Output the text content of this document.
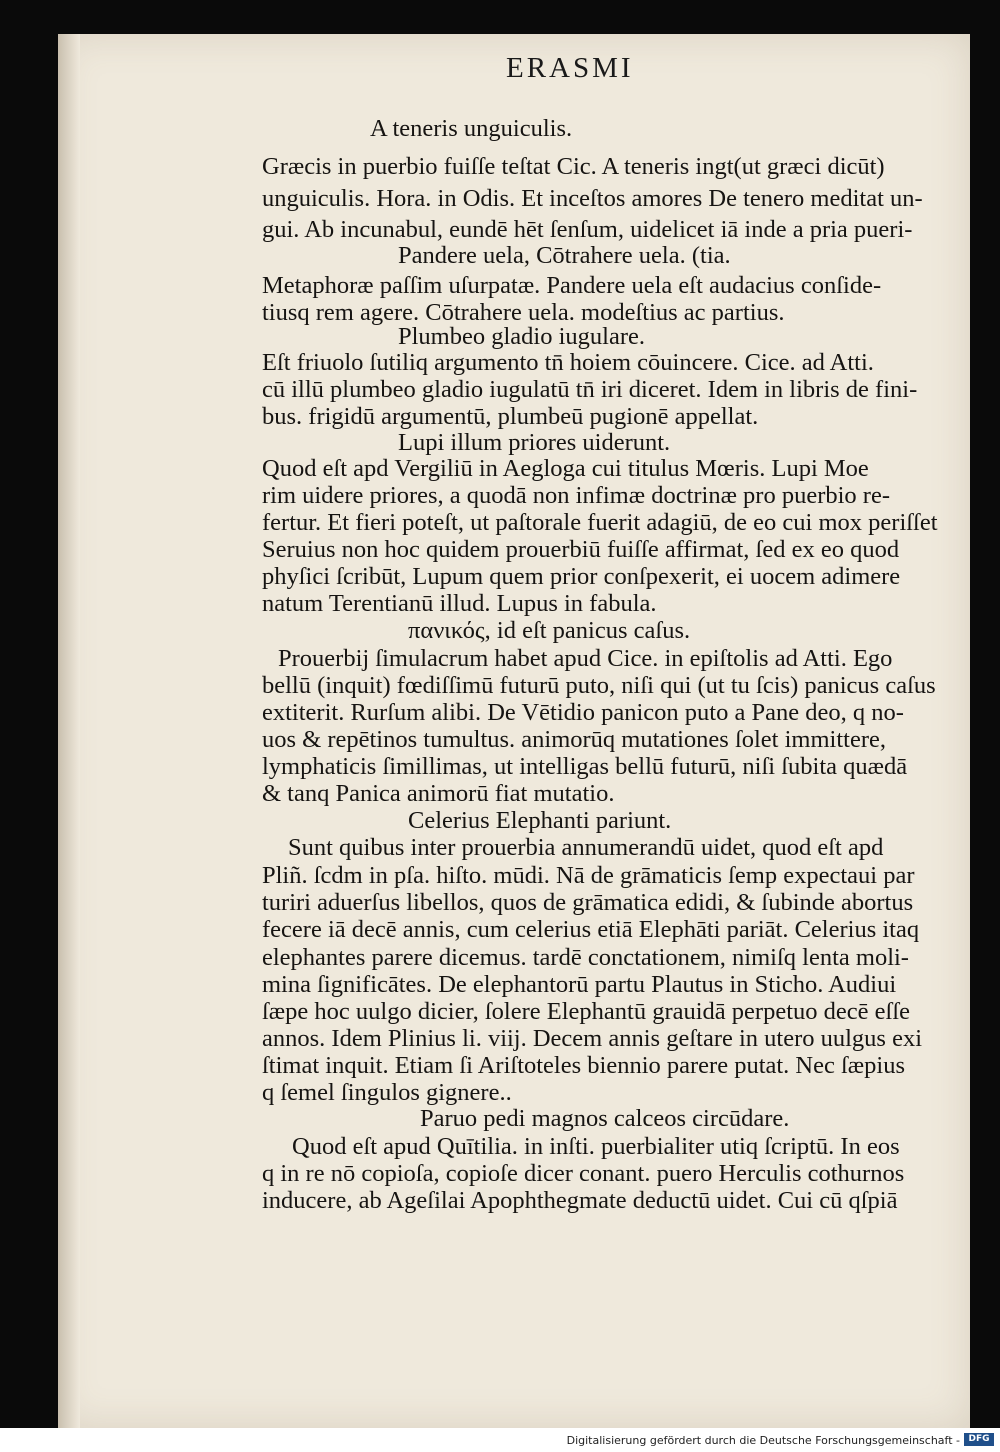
ERASMI
A teneris unguiculis.
Græcis in puerbio fuiſſe teſtat Cic. A teneris ingt(ut græci dicūt)
unguiculis. Hora. in Odis. Et inceſtos amores De tenero meditat un-
gui. Ab incunabul, eundē hēt ſenſum, uidelicet iā inde a pria pueri-
Pandere uela, Cōtrahere uela. (tia.
Metaphoræ paſſim uſurpatæ. Pandere uela eſt audacius conſide-
tiusq rem agere. Cōtrahere uela. modeſtius ac partius.
Plumbeo gladio iugulare.
Eſt friuolo ſutiliq argumento tn̄ hoiem cōuincere. Cice. ad Atti.
cū illū plumbeo gladio iugulatū tn̄ iri diceret. Idem in libris de fini-
bus. frigidū argumentū, plumbeū pugionē appellat.
Lupi illum priores uiderunt.
Quod eſt apd Vergiliū in Aegloga cui titulus Mœris. Lupi Moe
rim uidere priores, a quodā non infimæ doctrinæ pro puerbio re-
fertur. Et fieri poteſt, ut paſtorale fuerit adagiū, de eo cui mox periſſet
Seruius non hoc quidem prouerbiū fuiſſe affirmat, ſed ex eo quod
phyſici ſcribūt, Lupum quem prior conſpexerit, ei uocem adimere
natum Terentianū illud. Lupus in fabula.
πανικός, id eſt panicus caſus.
Prouerbij ſimulacrum habet apud Cice. in epiſtolis ad Atti. Ego
bellū (inquit) fœdiſſimū futurū puto, niſi qui (ut tu ſcis) panicus caſus
extiterit. Rurſum alibi. De Vētidio panicon puto a Pane deo, q no-
uos & repētinos tumultus. animorūq mutationes ſolet immittere,
lymphaticis ſimillimas, ut intelligas bellū futurū, niſi ſubita quædā
& tanq Panica animorū fiat mutatio.
Celerius Elephanti pariunt.
Sunt quibus inter prouerbia annumerandū uidet, quod eſt apd
Pliñ. ſcdm in pſa. hiſto. mūdi. Nā de grāmaticis ſemp expectaui par
turiri aduerſus libellos, quos de grāmatica edidi, & ſubinde abortus
fecere iā decē annis, cum celerius etiā Elephāti pariāt. Celerius itaq
elephantes parere dicemus. tardē conctationem, nimiſq lenta moli-
mina ſignificātes. De elephantorū partu Plautus in Sticho. Audiui
ſæpe hoc uulgo dicier, ſolere Elephantū grauidā perpetuo decē eſſe
annos. Idem Plinius li. viij. Decem annis geſtare in utero uulgus exi
ſtimat inquit. Etiam ſi Ariſtoteles biennio parere putat. Nec ſæpius
q ſemel ſingulos gignere..
Paruo pedi magnos calceos circūdare.
Quod eſt apud Quītilia. in inſti. puerbialiter utiq ſcriptū. In eos
q in re nō copioſa, copioſe dicer conant. puero Herculis cothurnos
inducere, ab Ageſilai Apophthegmate deductū uidet. Cui cū qſpiā
Digitalisierung gefördert durch die Deutsche Forschungsgemeinschaft - DFG
